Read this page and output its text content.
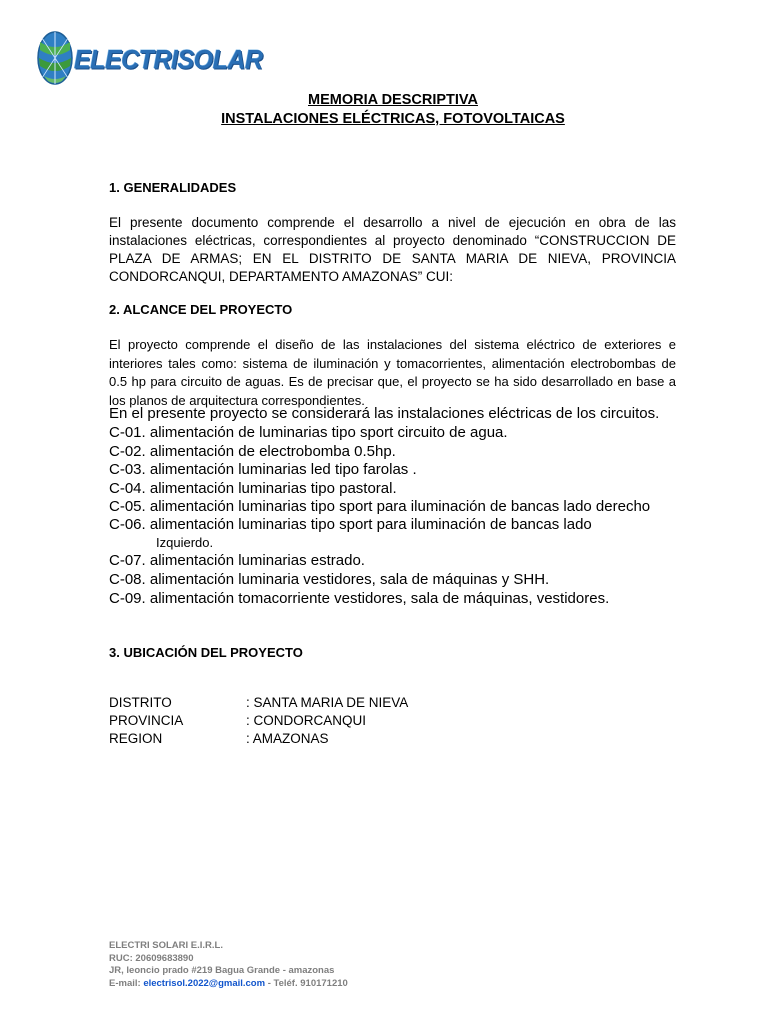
ELECTRISOLAR
MEMORIA DESCRIPTIVA
INSTALACIONES ELÉCTRICAS, FOTOVOLTAICAS
1. GENERALIDADES
El presente documento comprende el desarrollo a nivel de ejecución en obra de las instalaciones eléctricas, correspondientes al proyecto denominado “CONSTRUCCION DE PLAZA DE ARMAS; EN EL DISTRITO DE SANTA MARIA DE NIEVA, PROVINCIA CONDORCANQUI, DEPARTAMENTO AMAZONAS” CUI:
2. ALCANCE DEL PROYECTO
El proyecto comprende el diseño de las instalaciones del sistema eléctrico de exteriores e interiores tales como: sistema de iluminación y tomacorrientes, alimentación electrobombas de 0.5 hp para circuito de aguas. Es de precisar que, el proyecto se ha sido desarrollado en base a los planos de arquitectura correspondientes.
En el presente proyecto se considerará las instalaciones eléctricas de los circuitos.
C-01. alimentación de luminarias tipo sport circuito de agua.
C-02. alimentación de electrobomba 0.5hp.
C-03. alimentación luminarias led tipo farolas .
C-04. alimentación luminarias tipo pastoral.
C-05. alimentación luminarias tipo sport para iluminación de bancas lado derecho
C-06. alimentación luminarias tipo sport para iluminación de bancas lado
Izquierdo.
C-07. alimentación luminarias estrado.
C-08. alimentación luminaria vestidores, sala de máquinas y SHH.
C-09. alimentación tomacorriente vestidores, sala de máquinas, vestidores.
3. UBICACIÓN DEL PROYECTO
DISTRITO	: SANTA MARIA DE NIEVA
PROVINCIA	: CONDORCANQUI
REGION	: AMAZONAS
ELECTRI SOLARI E.I.R.L.
RUC: 20609683890
JR, leoncio prado #219 Bagua Grande - amazonas
E-mail: electrisol.2022@gmail.com - Teléf. 910171210
